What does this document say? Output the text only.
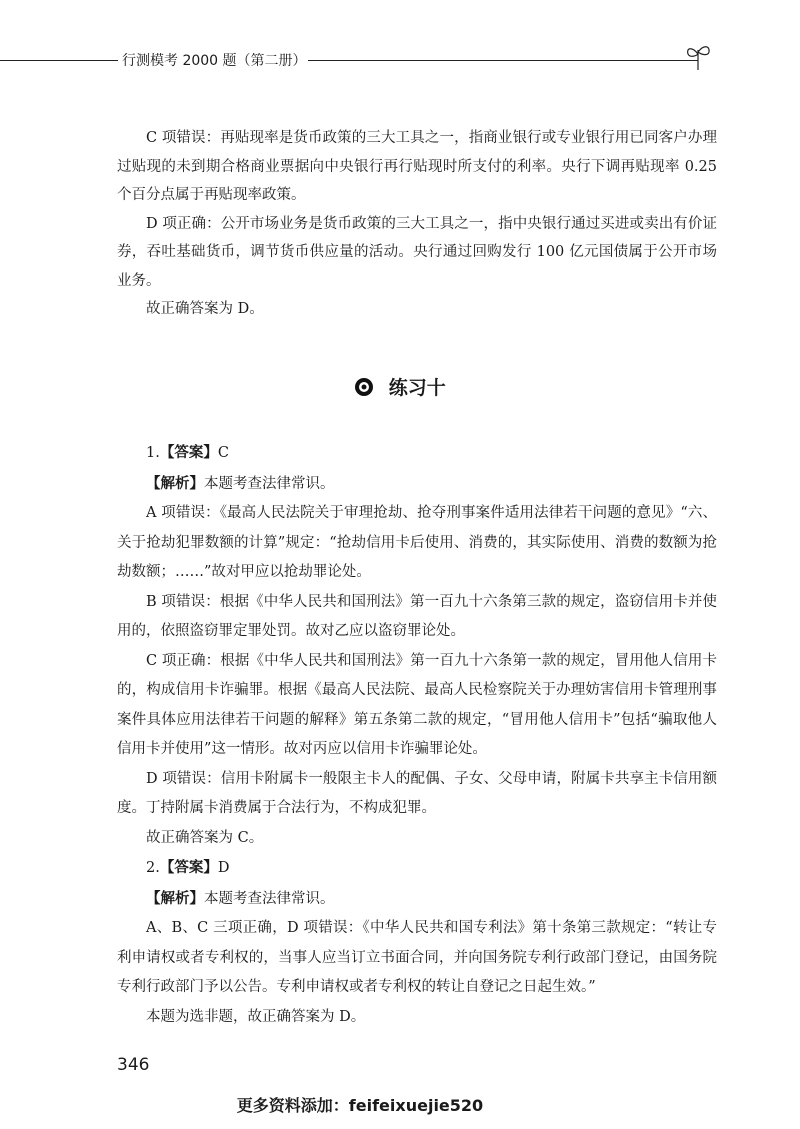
行测模考 2000 题（第二册）

C 项错误：再贴现率是货币政策的三大工具之一，指商业银行或专业银行用已同客户办理过贴现的未到期合格商业票据向中央银行再行贴现时所支付的利率。央行下调再贴现率 0.25 个百分点属于再贴现率政策。

D 项正确：公开市场业务是货币政策的三大工具之一，指中央银行通过买进或卖出有价证券，吞吐基础货币，调节货币供应量的活动。央行通过回购发行 100 亿元国债属于公开市场业务。

故正确答案为 D。

练习十

1.【答案】C

【解析】本题考查法律常识。

A 项错误：《最高人民法院关于审理抢劫、抢夺刑事案件适用法律若干问题的意见》“六、关于抢劫犯罪数额的计算”规定：“抢劫信用卡后使用、消费的，其实际使用、消费的数额为抢劫数额；……”故对甲应以抢劫罪论处。

B 项错误：根据《中华人民共和国刑法》第一百九十六条第三款的规定，盗窃信用卡并使用的，依照盗窃罪定罪处罚。故对乙应以盗窃罪论处。

C 项正确：根据《中华人民共和国刑法》第一百九十六条第一款的规定，冒用他人信用卡的，构成信用卡诈骗罪。根据《最高人民法院、最高人民检察院关于办理妨害信用卡管理刑事案件具体应用法律若干问题的解释》第五条第二款的规定，“冒用他人信用卡”包括“骗取他人信用卡并使用”这一情形。故对丙应以信用卡诈骗罪论处。

D 项错误：信用卡附属卡一般限主卡人的配偶、子女、父母申请，附属卡共享主卡信用额度。丁持附属卡消费属于合法行为，不构成犯罪。

故正确答案为 C。

2.【答案】D

【解析】本题考查法律常识。

A、B、C 三项正确，D 项错误：《中华人民共和国专利法》第十条第三款规定：“转让专利申请权或者专利权的，当事人应当订立书面合同，并向国务院专利行政部门登记，由国务院专利行政部门予以公告。专利申请权或者专利权的转让自登记之日起生效。”

本题为选非题，故正确答案为 D。

346
更多资料添加：feifeixuejie520
